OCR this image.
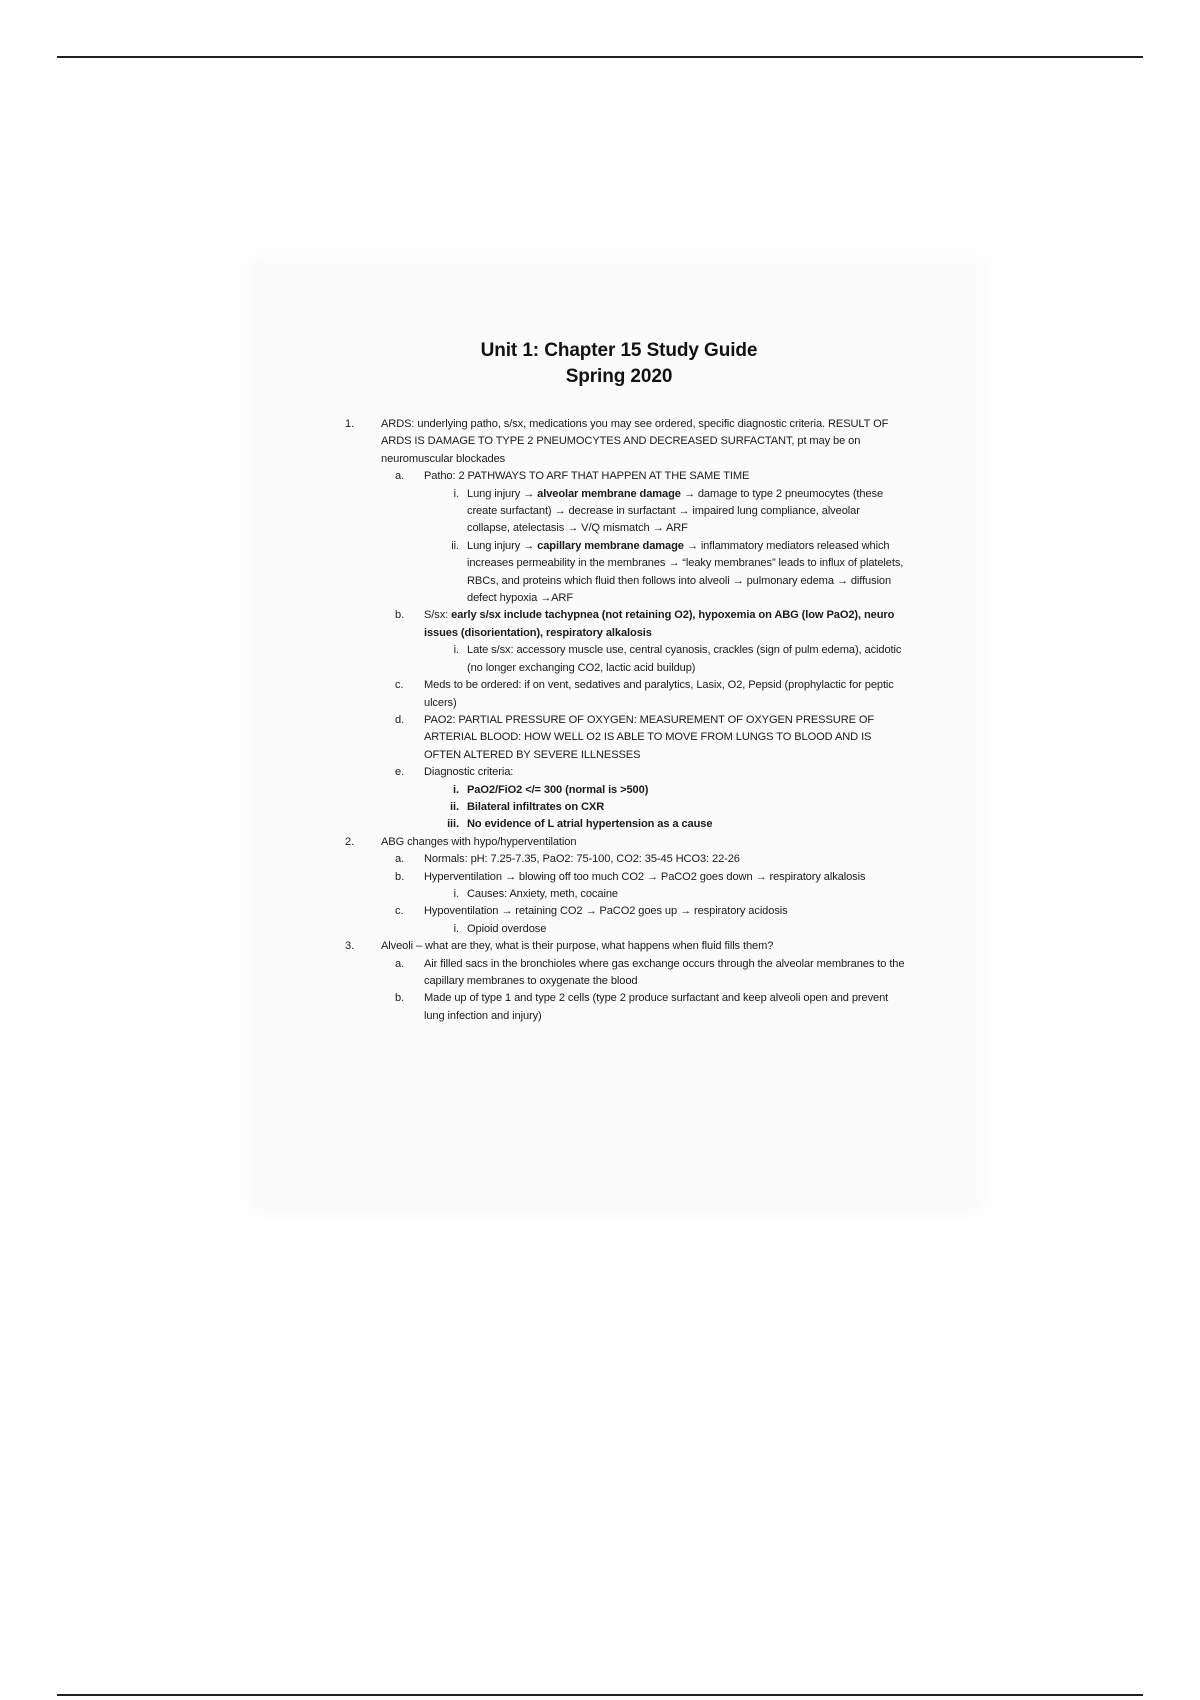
Unit 1: Chapter 15 Study Guide
Spring 2020
1.	ARDS: underlying patho, s/sx, medications you may see ordered, specific diagnostic criteria. RESULT OF ARDS IS DAMAGE TO TYPE 2 PNEUMOCYTES AND DECREASED SURFACTANT, pt may be on neuromuscular blockades
a.	Patho: 2 PATHWAYS TO ARF THAT HAPPEN AT THE SAME TIME
i. Lung injury → alveolar membrane damage → damage to type 2 pneumocytes (these create surfactant) → decrease in surfactant → impaired lung compliance, alveolar collapse, atelectasis → V/Q mismatch → ARF
ii. Lung injury → capillary membrane damage → inflammatory mediators released which increases permeability in the membranes → “leaky membranes” leads to influx of platelets, RBCs, and proteins which fluid then follows into alveoli → pulmonary edema → diffusion defect hypoxia →ARF
b.	S/sx: early s/sx include tachypnea (not retaining O2), hypoxemia on ABG (low PaO2), neuro issues (disorientation), respiratory alkalosis
i. Late s/sx: accessory muscle use, central cyanosis, crackles (sign of pulm edema), acidotic (no longer exchanging CO2, lactic acid buildup)
c.	Meds to be ordered: if on vent, sedatives and paralytics, Lasix, O2, Pepsid (prophylactic for peptic ulcers)
d.	PAO2: PARTIAL PRESSURE OF OXYGEN: MEASUREMENT OF OXYGEN PRESSURE OF ARTERIAL BLOOD: HOW WELL O2 IS ABLE TO MOVE FROM LUNGS TO BLOOD AND IS OFTEN ALTERED BY SEVERE ILLNESSES
e.	Diagnostic criteria:
i. PaO2/FiO2 </= 300 (normal is >500)
ii. Bilateral infiltrates on CXR
iii. No evidence of L atrial hypertension as a cause
2.	ABG changes with hypo/hyperventilation
a.	Normals: pH: 7.25-7.35, PaO2: 75-100, CO2: 35-45 HCO3: 22-26
b.	Hyperventilation → blowing off too much CO2 → PaCO2 goes down → respiratory alkalosis
i. Causes: Anxiety, meth, cocaine
c.	Hypoventilation → retaining CO2 → PaCO2 goes up → respiratory acidosis
i. Opioid overdose
3.	Alveoli – what are they, what is their purpose, what happens when fluid fills them?
a.	Air filled sacs in the bronchioles where gas exchange occurs through the alveolar membranes to the capillary membranes to oxygenate the blood
b.	Made up of type 1 and type 2 cells (type 2 produce surfactant and keep alveoli open and prevent lung infection and injury)
